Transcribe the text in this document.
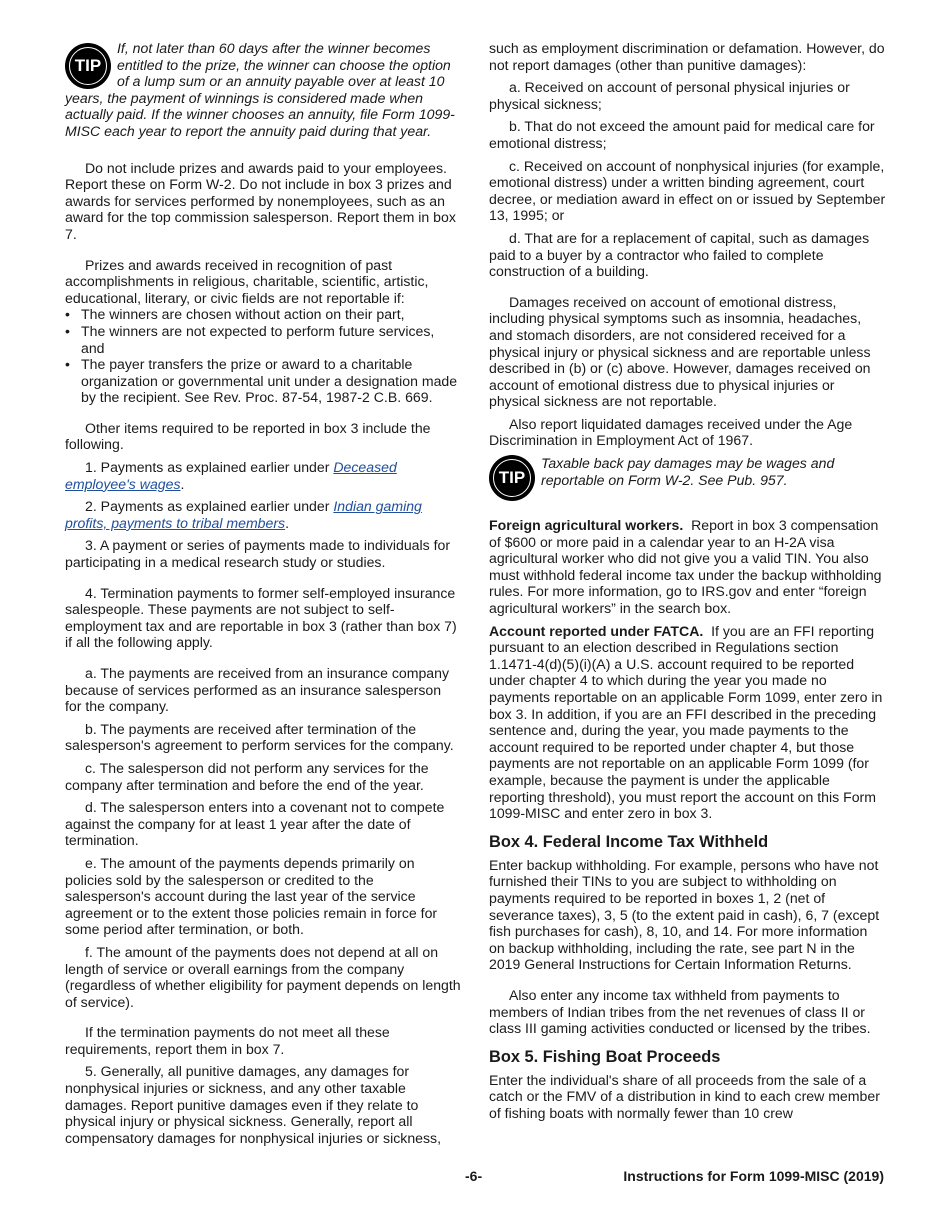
TIP

If, not later than 60 days after the winner becomes entitled to the prize, the winner can choose the option of a lump sum or an annuity payable over at least 10 years, the payment of winnings is considered made when actually paid. If the winner chooses an annuity, file Form 1099-MISC each year to report the annuity paid during that year.

Do not include prizes and awards paid to your employees. Report these on Form W-2. Do not include in box 3 prizes and awards for services performed by nonemployees, such as an award for the top commission salesperson. Report them in box 7.

Prizes and awards received in recognition of past accomplishments in religious, charitable, scientific, artistic, educational, literary, or civic fields are not reportable if:

• The winners are chosen without action on their part,
• The winners are not expected to perform future services, and
• The payer transfers the prize or award to a charitable organization or governmental unit under a designation made by the recipient. See Rev. Proc. 87-54, 1987-2 C.B. 669.

Other items required to be reported in box 3 include the following.

1. Payments as explained earlier under Deceased employee's wages.

2. Payments as explained earlier under Indian gaming profits, payments to tribal members.

3. A payment or series of payments made to individuals for participating in a medical research study or studies.

4. Termination payments to former self-employed insurance salespeople. These payments are not subject to self-employment tax and are reportable in box 3 (rather than box 7) if all the following apply.

a. The payments are received from an insurance company because of services performed as an insurance salesperson for the company.

b. The payments are received after termination of the salesperson's agreement to perform services for the company.

c. The salesperson did not perform any services for the company after termination and before the end of the year.

d. The salesperson enters into a covenant not to compete against the company for at least 1 year after the date of termination.

e. The amount of the payments depends primarily on policies sold by the salesperson or credited to the salesperson's account during the last year of the service agreement or to the extent those policies remain in force for some period after termination, or both.

f. The amount of the payments does not depend at all on length of service or overall earnings from the company (regardless of whether eligibility for payment depends on length of service).

If the termination payments do not meet all these requirements, report them in box 7.

5. Generally, all punitive damages, any damages for nonphysical injuries or sickness, and any other taxable damages. Report punitive damages even if they relate to physical injury or physical sickness. Generally, report all compensatory damages for nonphysical injuries or sickness,

such as employment discrimination or defamation. However, do not report damages (other than punitive damages):

a. Received on account of personal physical injuries or physical sickness;

b. That do not exceed the amount paid for medical care for emotional distress;

c. Received on account of nonphysical injuries (for example, emotional distress) under a written binding agreement, court decree, or mediation award in effect on or issued by September 13, 1995; or

d. That are for a replacement of capital, such as damages paid to a buyer by a contractor who failed to complete construction of a building.

Damages received on account of emotional distress, including physical symptoms such as insomnia, headaches, and stomach disorders, are not considered received for a physical injury or physical sickness and are reportable unless described in (b) or (c) above. However, damages received on account of emotional distress due to physical injuries or physical sickness are not reportable.

Also report liquidated damages received under the Age Discrimination in Employment Act of 1967.

TIP

Taxable back pay damages may be wages and reportable on Form W-2. See Pub. 957.

Foreign agricultural workers. Report in box 3 compensation of $600 or more paid in a calendar year to an H-2A visa agricultural worker who did not give you a valid TIN. You also must withhold federal income tax under the backup withholding rules. For more information, go to IRS.gov and enter “foreign agricultural workers” in the search box.

Account reported under FATCA. If you are an FFI reporting pursuant to an election described in Regulations section 1.1471-4(d)(5)(i)(A) a U.S. account required to be reported under chapter 4 to which during the year you made no payments reportable on an applicable Form 1099, enter zero in box 3. In addition, if you are an FFI described in the preceding sentence and, during the year, you made payments to the account required to be reported under chapter 4, but those payments are not reportable on an applicable Form 1099 (for example, because the payment is under the applicable reporting threshold), you must report the account on this Form 1099-MISC and enter zero in box 3.

Box 4. Federal Income Tax Withheld

Enter backup withholding. For example, persons who have not furnished their TINs to you are subject to withholding on payments required to be reported in boxes 1, 2 (net of severance taxes), 3, 5 (to the extent paid in cash), 6, 7 (except fish purchases for cash), 8, 10, and 14. For more information on backup withholding, including the rate, see part N in the 2019 General Instructions for Certain Information Returns.

Also enter any income tax withheld from payments to members of Indian tribes from the net revenues of class II or class III gaming activities conducted or licensed by the tribes.

Box 5. Fishing Boat Proceeds

Enter the individual's share of all proceeds from the sale of a catch or the FMV of a distribution in kind to each crew member of fishing boats with normally fewer than 10 crew

-6-	Instructions for Form 1099-MISC (2019)
